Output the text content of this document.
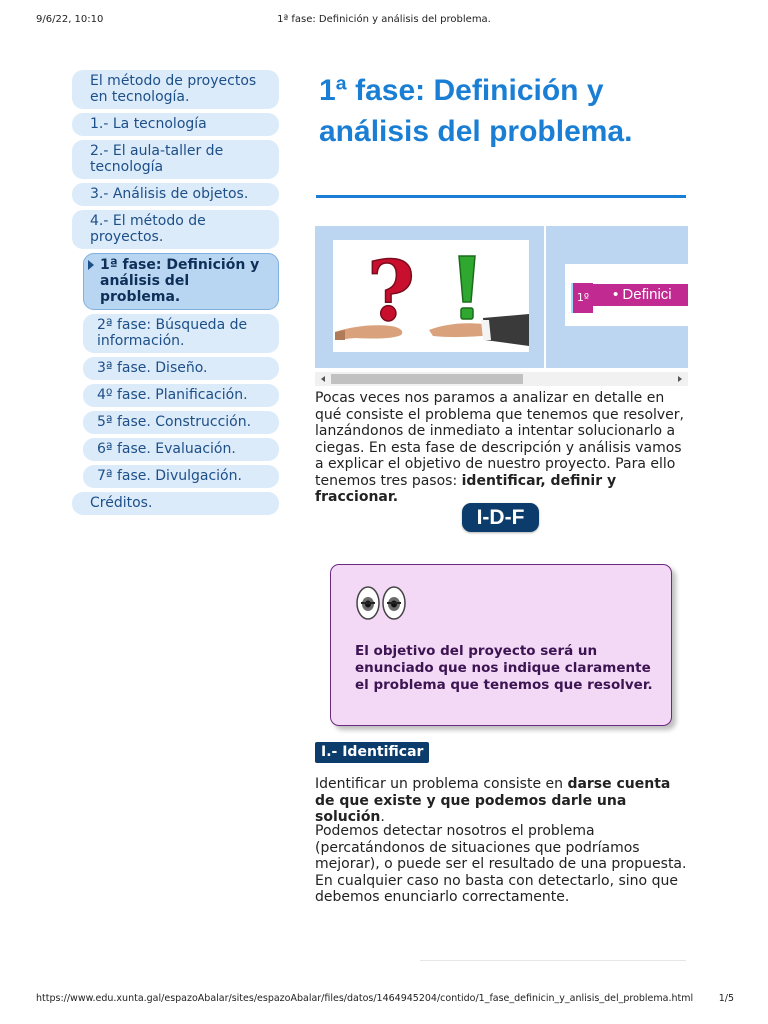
9/6/22, 10:10	1ª fase: Definición y análisis del problema.
El método de proyectos en tecnología.
1.- La tecnología
2.- El aula-taller de tecnología
3.- Análisis de objetos.
4.- El método de proyectos.
1ª fase: Definición y análisis del problema.
2ª fase: Búsqueda de información.
3ª fase. Diseño.
4º fase. Planificación.
5ª fase. Construcción.
6ª fase. Evaluación.
7ª fase. Divulgación.
Créditos.
1ª fase: Definición y análisis del problema.
?	• Definici
1º

Pocas veces nos paramos a analizar en detalle en qué consiste el problema que tenemos que resolver, lanzándonos de inmediato a intentar solucionarlo a ciegas. En esta fase de descripción y análisis vamos a explicar el objetivo de nuestro proyecto. Para ello tenemos tres pasos: identificar, definir y fraccionar.

I-D-F

El objetivo del proyecto será un enunciado que nos indique claramente el problema que tenemos que resolver.

I.- Identificar

Identificar un problema consiste en darse cuenta de que existe y que podemos darle una solución.

Podemos detectar nosotros el problema (percatándonos de situaciones que podríamos mejorar), o puede ser el resultado de una propuesta. En cualquier caso no basta con detectarlo, sino que debemos enunciarlo correctamente.

https://www.edu.xunta.gal/espazoAbalar/sites/espazoAbalar/files/datos/1464945204/contido/1_fase_definicin_y_anlisis_del_problema.html	1/5
